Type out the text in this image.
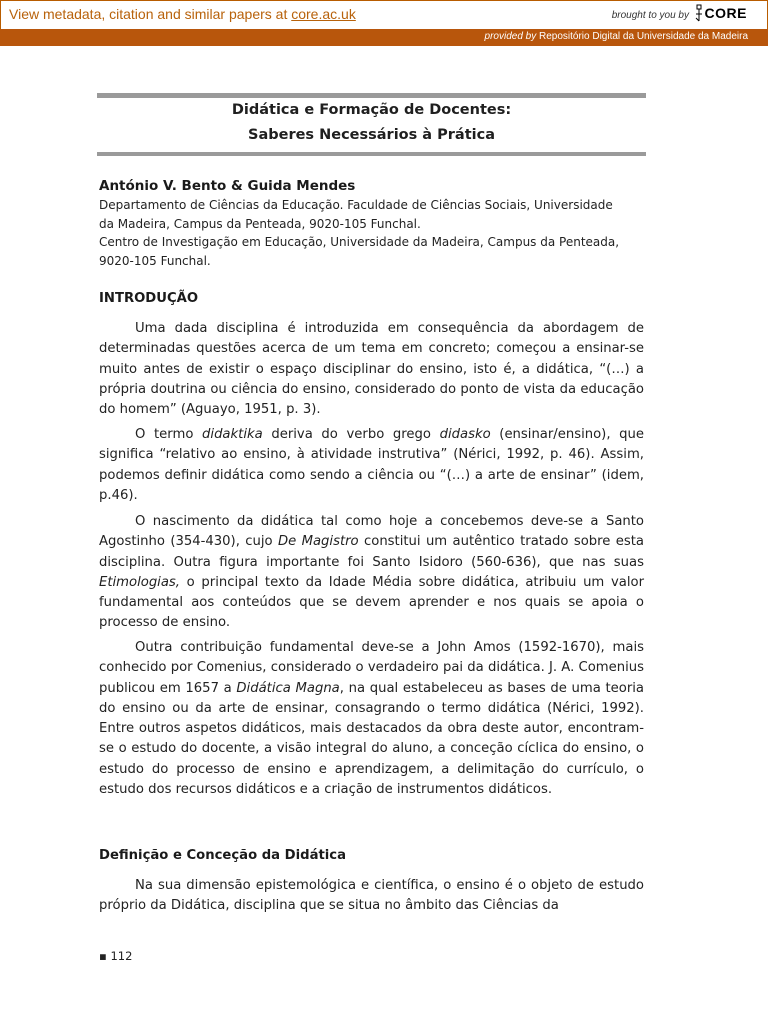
View metadata, citation and similar papers at core.ac.uk	brought to you by CORE
provided by Repositório Digital da Universidade da Madeira
Didática e Formação de Docentes:
Saberes Necessários à Prática
António V. Bento & Guida Mendes
Departamento de Ciências da Educação. Faculdade de Ciências Sociais, Universidade
da Madeira, Campus da Penteada, 9020-105 Funchal.
Centro de Investigação em Educação, Universidade da Madeira, Campus da Penteada,
9020-105 Funchal.
INTRODUÇÃO
Uma dada disciplina é introduzida em consequência da abordagem de determinadas questões acerca de um tema em concreto; começou a ensinar-se muito antes de existir o espaço disciplinar do ensino, isto é, a didática, “(…) a própria doutrina ou ciência do ensino, considerado do ponto de vista da educação do homem” (Aguayo, 1951, p. 3).
O termo didaktika deriva do verbo grego didasko (ensinar/ensino), que significa “relativo ao ensino, à atividade instrutiva” (Nérici, 1992, p. 46). Assim, podemos definir didática como sendo a ciência ou “(…) a arte de ensinar” (idem, p.46).
O nascimento da didática tal como hoje a concebemos deve-se a Santo Agostinho (354-430), cujo De Magistro constitui um autêntico tratado sobre esta disciplina. Outra figura importante foi Santo Isidoro (560-636), que nas suas Etimologias, o principal texto da Idade Média sobre didática, atribuiu um valor fundamental aos conteúdos que se devem aprender e nos quais se apoia o processo de ensino.
Outra contribuição fundamental deve-se a John Amos (1592-1670), mais conhecido por Comenius, considerado o verdadeiro pai da didática. J. A. Comenius publicou em 1657 a Didática Magna, na qual estabeleceu as bases de uma teoria do ensino ou da arte de ensinar, consagrando o termo didática (Nérici, 1992). Entre outros aspetos didáticos, mais destacados da obra deste autor, encontram-se o estudo do docente, a visão integral do aluno, a conceção cíclica do ensino, o estudo do processo de ensino e aprendizagem, a delimitação do currículo, o estudo dos recursos didáticos e a criação de instrumentos didáticos.
Definição e Conceção da Didática
Na sua dimensão epistemológica e científica, o ensino é o objeto de estudo próprio da Didática, disciplina que se situa no âmbito das Ciências da
▪ 112
